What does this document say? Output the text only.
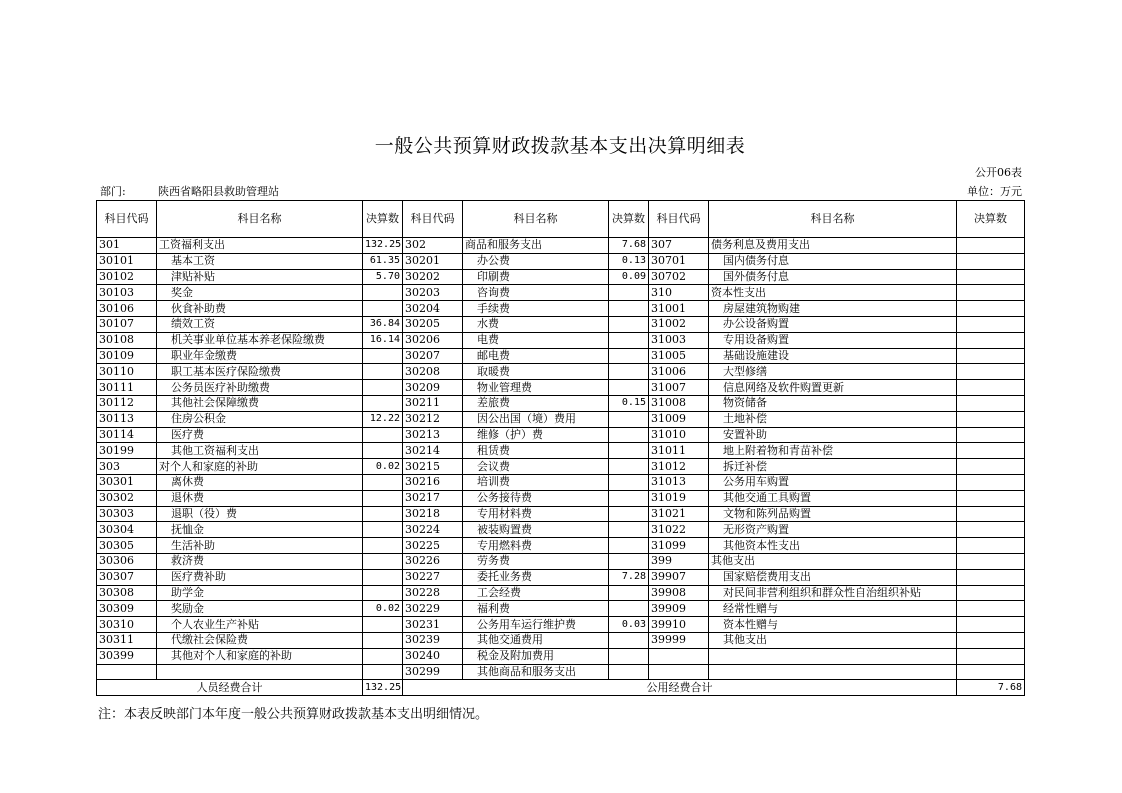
一般公共预算财政拨款基本支出决算明细表
公开06表
部门:	陕西省略阳县救助管理站	单位：万元
科目代码	科目名称	决算数	科目代码	科目名称	决算数	科目代码	科目名称	决算数
301	工资福利支出	132.25	302	商品和服务支出	7.68	307	债务利息及费用支出	
30101	基本工资	61.35	30201	办公费	0.13	30701	国内债务付息	
30102	津贴补贴	5.70	30202	印刷费	0.09	30702	国外债务付息	
30103	奖金		30203	咨询费		310	资本性支出	
30106	伙食补助费		30204	手续费		31001	房屋建筑物购建	
30107	绩效工资	36.84	30205	水费		31002	办公设备购置	
30108	机关事业单位基本养老保险缴费	16.14	30206	电费		31003	专用设备购置	
30109	职业年金缴费		30207	邮电费		31005	基础设施建设	
30110	职工基本医疗保险缴费		30208	取暖费		31006	大型修缮	
30111	公务员医疗补助缴费		30209	物业管理费		31007	信息网络及软件购置更新	
30112	其他社会保障缴费		30211	差旅费	0.15	31008	物资储备	
30113	住房公积金	12.22	30212	因公出国（境）费用		31009	土地补偿	
30114	医疗费		30213	维修（护）费		31010	安置补助	
30199	其他工资福利支出		30214	租赁费		31011	地上附着物和青苗补偿	
303	对个人和家庭的补助	0.02	30215	会议费		31012	拆迁补偿	
30301	离休费		30216	培训费		31013	公务用车购置	
30302	退休费		30217	公务接待费		31019	其他交通工具购置	
30303	退职（役）费		30218	专用材料费		31021	文物和陈列品购置	
30304	抚恤金		30224	被装购置费		31022	无形资产购置	
30305	生活补助		30225	专用燃料费		31099	其他资本性支出	
30306	救济费		30226	劳务费		399	其他支出	
30307	医疗费补助		30227	委托业务费	7.28	39907	国家赔偿费用支出	
30308	助学金		30228	工会经费		39908	对民间非营利组织和群众性自治组织补贴	
30309	奖励金	0.02	30229	福利费		39909	经常性赠与	
30310	个人农业生产补贴		30231	公务用车运行维护费	0.03	39910	资本性赠与	
30311	代缴社会保险费		30239	其他交通费用		39999	其他支出	
30399	其他对个人和家庭的补助		30240	税金及附加费用				
			30299	其他商品和服务支出				
人员经费合计		132.25	公用经费合计					7.68
注：本表反映部门本年度一般公共预算财政拨款基本支出明细情况。
